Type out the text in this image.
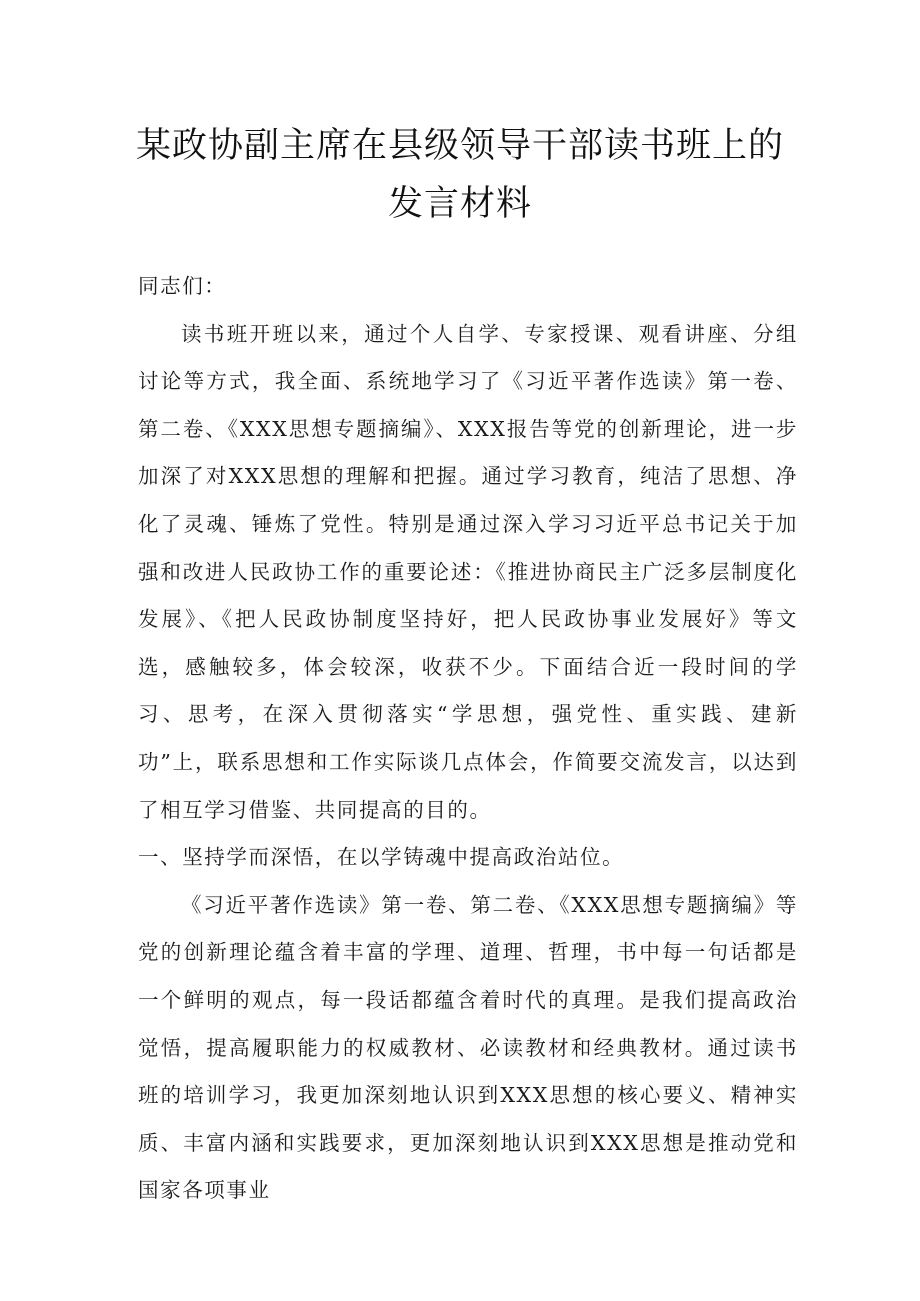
某政协副主席在县级领导干部读书班上的
发言材料

同志们：

读书班开班以来，通过个人自学、专家授课、观看讲座、分组讨论等方式，我全面、系统地学习了《习近平著作选读》第一卷、第二卷、《XXX思想专题摘编》、XXX报告等党的创新理论，进一步加深了对XXX思想的理解和把握。通过学习教育，纯洁了思想、净化了灵魂、锤炼了党性。特别是通过深入学习习近平总书记关于加强和改进人民政协工作的重要论述：《推进协商民主广泛多层制度化发展》、《把人民政协制度坚持好，把人民政协事业发展好》等文选，感触较多，体会较深，收获不少。下面结合近一段时间的学习、思考，在深入贯彻落实“学思想，强党性、重实践、建新功”上，联系思想和工作实际谈几点体会，作简要交流发言，以达到了相互学习借鉴、共同提高的目的。

一、坚持学而深悟，在以学铸魂中提高政治站位。

《习近平著作选读》第一卷、第二卷、《XXX思想专题摘编》等党的创新理论蕴含着丰富的学理、道理、哲理，书中每一句话都是一个鲜明的观点，每一段话都蕴含着时代的真理。是我们提高政治觉悟，提高履职能力的权威教材、必读教材和经典教材。通过读书班的培训学习，我更加深刻地认识到XXX思想的核心要义、精神实质、丰富内涵和实践要求，更加深刻地认识到XXX思想是推动党和国家各项事业
